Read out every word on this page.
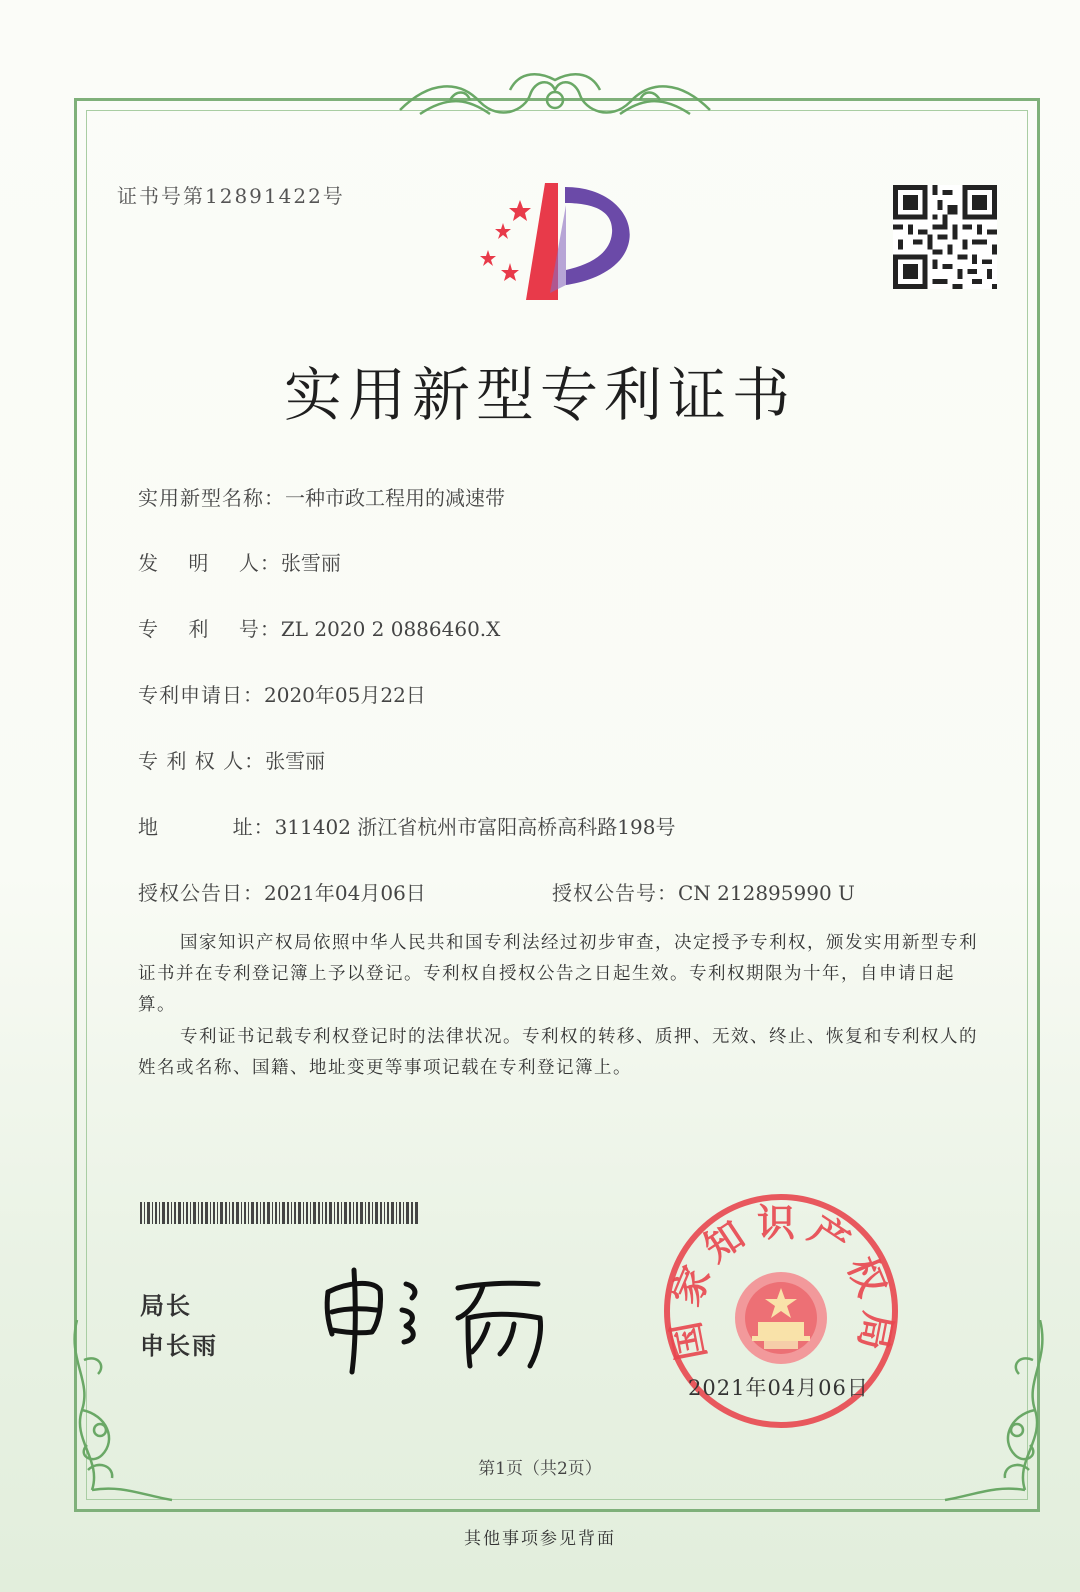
证书号第12891422号
实用新型专利证书
实用新型名称：一种市政工程用的减速带
发    明    人：张雪丽
专    利    号：ZL 2020 2 0886460.X
专利申请日：2020年05月22日
专 利 权 人：张雪丽
地          址：311402 浙江省杭州市富阳高桥高科路198号
授权公告日：2021年04月06日	授权公告号：CN 212895990 U

国家知识产权局依照中华人民共和国专利法经过初步审查，决定授予专利权，颁发实用新型专利证书并在专利登记簿上予以登记。专利权自授权公告之日起生效。专利权期限为十年，自申请日起算。

专利证书记载专利权登记时的法律状况。专利权的转移、质押、无效、终止、恢复和专利权人的姓名或名称、国籍、地址变更等事项记载在专利登记簿上。

局长
申长雨	国家知识产权局
2021年04月06日
第1页（共2页）
其他事项参见背面
